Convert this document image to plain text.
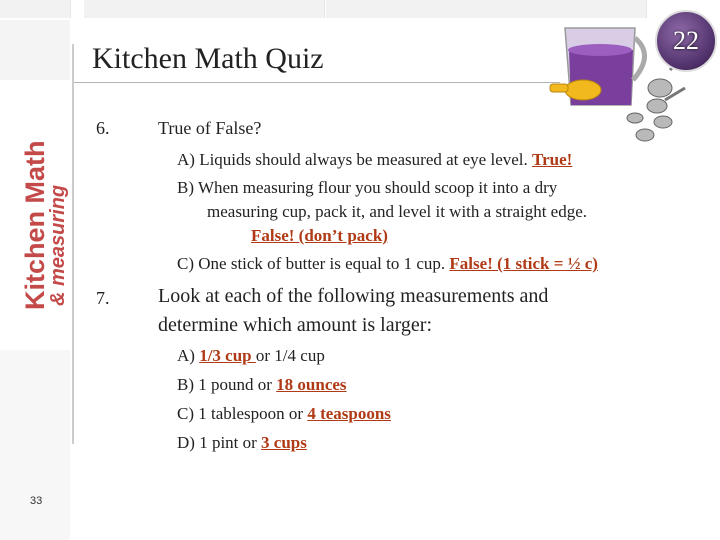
Kitchen Math
& measuring
Kitchen Math Quiz
22
6.	True of False?
A) Liquids should always be measured at eye level. True!
B) When measuring flour you should scoop it into a dry
measuring cup, pack it, and level it with a straight edge.
False! (don’t pack)
C) One stick of butter is equal to 1 cup. False! (1 stick = ½ c)
7. Look at each of the following measurements and
determine which amount is larger:
A) 1/3 cup or 1/4 cup
B) 1 pound or 18 ounces
C) 1 tablespoon or 4 teaspoons
D) 1 pint or 3 cups
33
